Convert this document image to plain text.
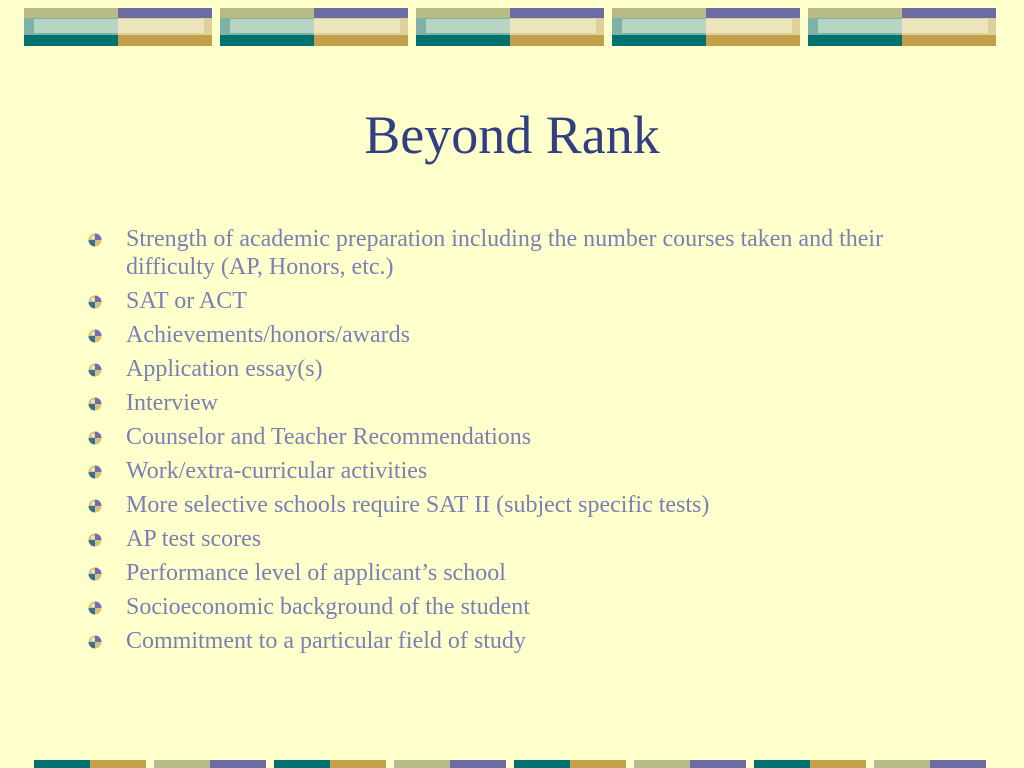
Beyond Rank
Strength of academic preparation including the number courses taken and their difficulty (AP, Honors, etc.)
SAT or ACT
Achievements/honors/awards
Application essay(s)
Interview
Counselor and Teacher Recommendations
Work/extra-curricular activities
More selective schools require SAT II (subject specific tests)
AP test scores
Performance level of applicant’s school
Socioeconomic background of the student
Commitment to a particular field of study
